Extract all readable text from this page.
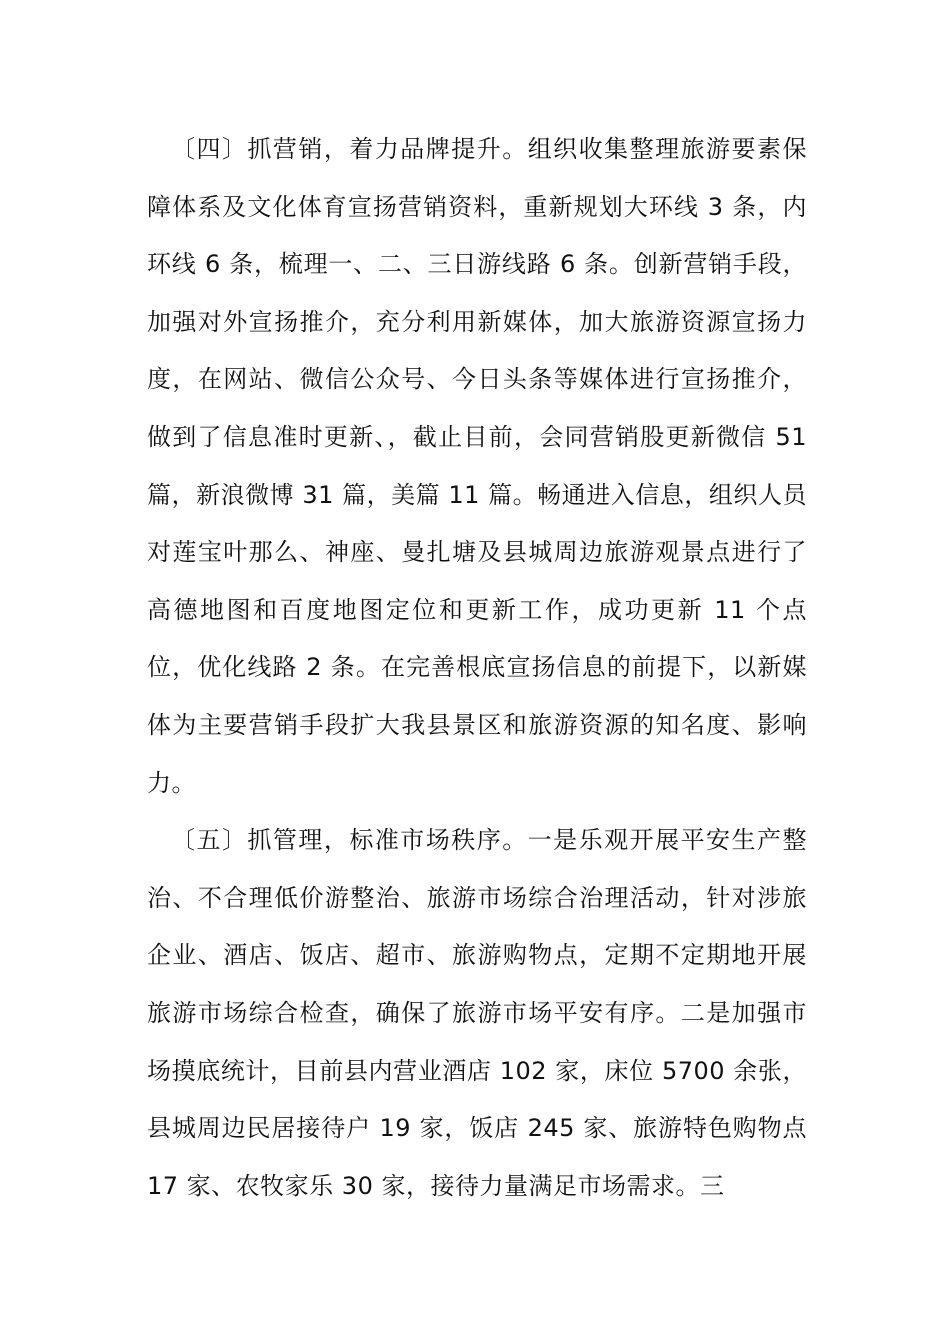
〔四〕抓营销，着力品牌提升。组织收集整理旅游要素保障体系及文化体育宣扬营销资料，重新规划大环线 3 条，内环线 6 条，梳理一、二、三日游线路 6 条。创新营销手段，加强对外宣扬推介，充分利用新媒体，加大旅游资源宣扬力度，在网站、微信公众号、今日头条等媒体进行宣扬推介，做到了信息准时更新、，截止目前，会同营销股更新微信 51 篇，新浪微博 31 篇，美篇 11 篇。畅通进入信息，组织人员对莲宝叶那么、神座、曼扎塘及县城周边旅游观景点进行了高德地图和百度地图定位和更新工作，成功更新 11 个点位，优化线路 2 条。在完善根底宣扬信息的前提下，以新媒体为主要营销手段扩大我县景区和旅游资源的知名度、影响力。

〔五〕抓管理，标准市场秩序。一是乐观开展平安生产整治、不合理低价游整治、旅游市场综合治理活动，针对涉旅企业、酒店、饭店、超市、旅游购物点，定期不定期地开展旅游市场综合检查，确保了旅游市场平安有序。二是加强市场摸底统计，目前县内营业酒店 102 家，床位 5700 余张，县城周边民居接待户 19 家，饭店 245 家、旅游特色购物点 17 家、农牧家乐 30 家，接待力量满足市场需求。三
